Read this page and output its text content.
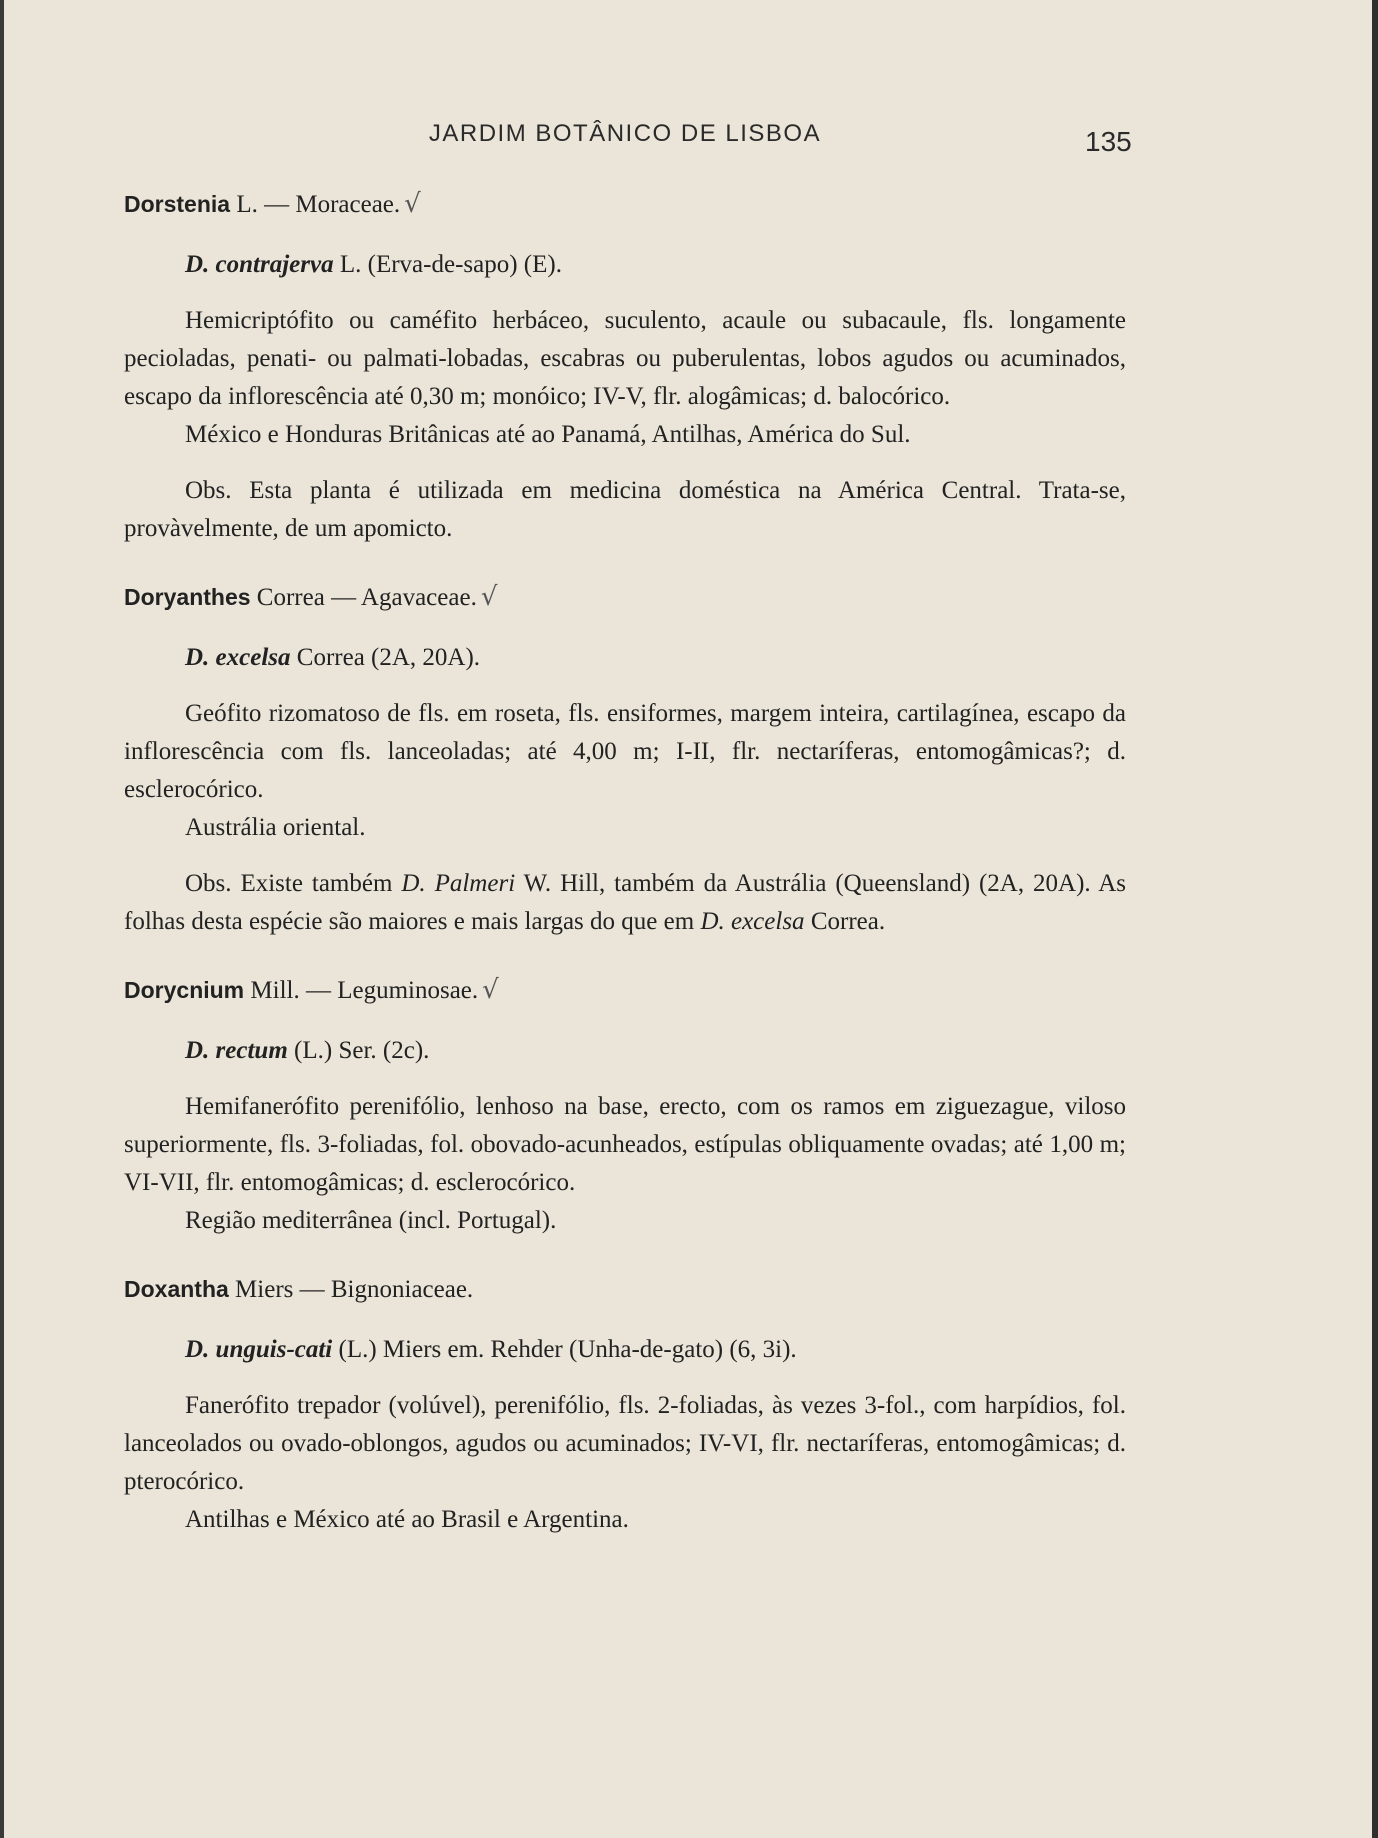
JARDIM BOTÂNICO DE LISBOA	135

Dorstenia L. — Moraceae. √

D. contrajerva L. (Erva-de-sapo) (E).

Hemicriptófito ou caméfito herbáceo, suculento, acaule ou subacaule, fls. longamente pecioladas, penati- ou palmati-lobadas, escabras ou puberulentas, lobos agudos ou acuminados, escapo da inflorescência até 0,30 m; monóico; IV-V, flr. alogâmicas; d. balocórico.

México e Honduras Britânicas até ao Panamá, Antilhas, América do Sul.

Obs. Esta planta é utilizada em medicina doméstica na América Central. Trata-se, provàvelmente, de um apomicto.

Doryanthes Correa — Agavaceae. √

D. excelsa Correa (2A, 20A).

Geófito rizomatoso de fls. em roseta, fls. ensiformes, margem inteira, cartilagínea, escapo da inflorescência com fls. lanceoladas; até 4,00 m; I-II, flr. nectaríferas, entomogâmicas?; d. esclerocórico.

Austrália oriental.

Obs. Existe também D. Palmeri W. Hill, também da Austrália (Queensland) (2A, 20A). As folhas desta espécie são maiores e mais largas do que em D. excelsa Correa.

Dorycnium Mill. — Leguminosae. √

D. rectum (L.) Ser. (2c).

Hemifanerófito perenifólio, lenhoso na base, erecto, com os ramos em ziguezague, viloso superiormente, fls. 3-foliadas, fol. obovado-acunheados, estípulas obliquamente ovadas; até 1,00 m; VI-VII, flr. entomogâmicas; d. esclerocórico.

Região mediterrânea (incl. Portugal).

Doxantha Miers — Bignoniaceae.

D. unguis-cati (L.) Miers em. Rehder (Unha-de-gato) (6, 3i).

Fanerófito trepador (volúvel), perenifólio, fls. 2-foliadas, às vezes 3-fol., com harpídios, fol. lanceolados ou ovado-oblongos, agudos ou acuminados; IV-VI, flr. nectaríferas, entomogâmicas; d. pterocórico.

Antilhas e México até ao Brasil e Argentina.
